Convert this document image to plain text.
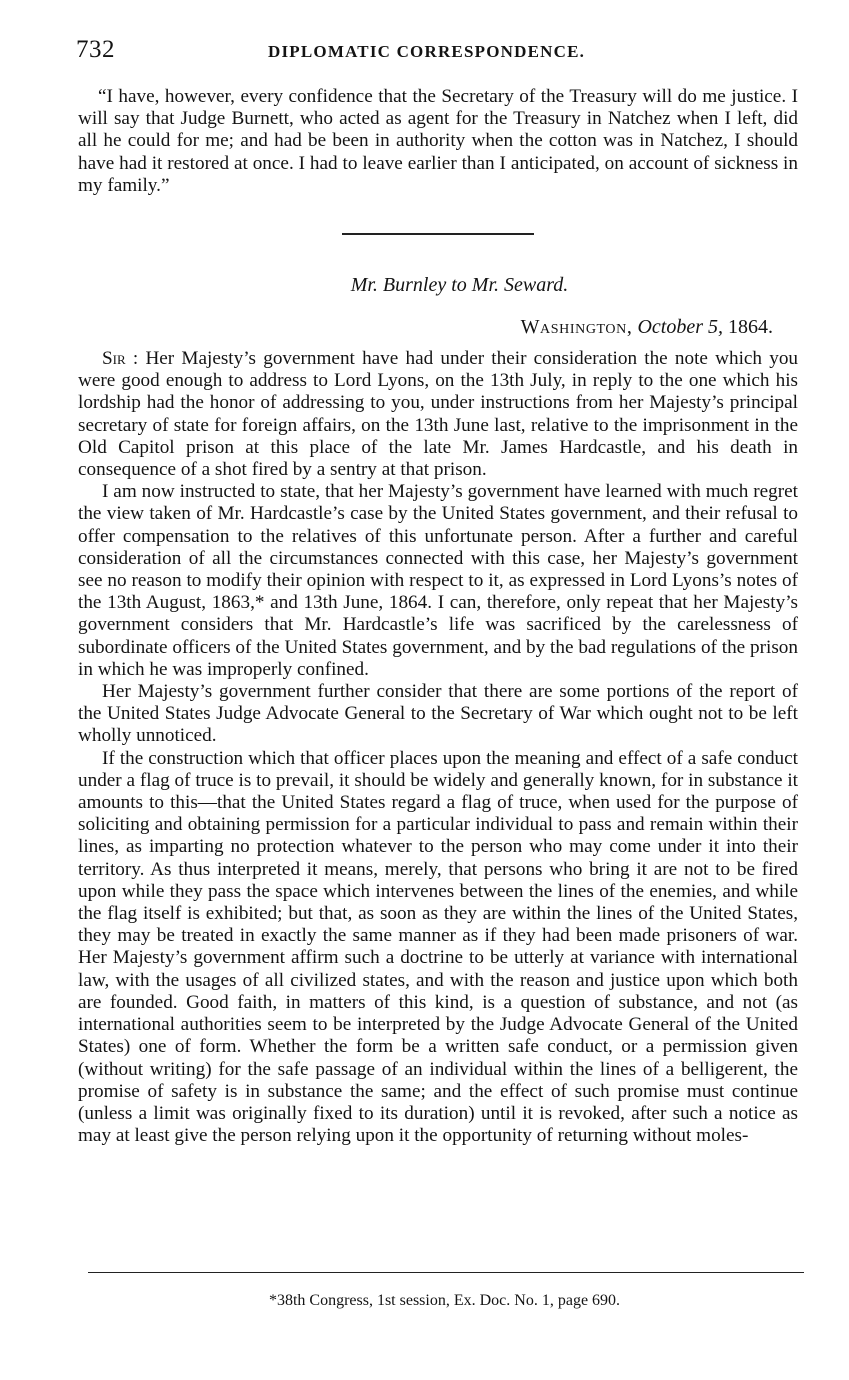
732	DIPLOMATIC CORRESPONDENCE.

“I have, however, every confidence that the Secretary of the Treasury will do me justice. I will say that Judge Burnett, who acted as agent for the Treasury in Natchez when I left, did all he could for me; and had be been in authority when the cotton was in Natchez, I should have had it restored at once. I had to leave earlier than I anticipated, on account of sickness in my family.”

Mr. Burnley to Mr. Seward.
Washington, October 5, 1864.

Sir : Her Majesty’s government have had under their consideration the note which you were good enough to address to Lord Lyons, on the 13th July, in reply to the one which his lordship had the honor of addressing to you, under instructions from her Majesty’s principal secretary of state for foreign affairs, on the 13th June last, relative to the imprisonment in the Old Capitol prison at this place of the late Mr. James Hardcastle, and his death in consequence of a shot fired by a sentry at that prison.

I am now instructed to state, that her Majesty’s government have learned with much regret the view taken of Mr. Hardcastle’s case by the United States government, and their refusal to offer compensation to the relatives of this unfortunate person. After a further and careful consideration of all the circumstances connected with this case, her Majesty’s government see no reason to modify their opinion with respect to it, as expressed in Lord Lyons’s notes of the 13th August, 1863,* and 13th June, 1864. I can, therefore, only repeat that her Majesty’s government considers that Mr. Hardcastle’s life was sacrificed by the carelessness of subordinate officers of the United States government, and by the bad regulations of the prison in which he was improperly confined.

Her Majesty’s government further consider that there are some portions of the report of the United States Judge Advocate General to the Secretary of War which ought not to be left wholly unnoticed.

If the construction which that officer places upon the meaning and effect of a safe conduct under a flag of truce is to prevail, it should be widely and generally known, for in substance it amounts to this—that the United States regard a flag of truce, when used for the purpose of soliciting and obtaining permission for a particular individual to pass and remain within their lines, as imparting no protection whatever to the person who may come under it into their territory. As thus interpreted it means, merely, that persons who bring it are not to be fired upon while they pass the space which intervenes between the lines of the enemies, and while the flag itself is exhibited; but that, as soon as they are within the lines of the United States, they may be treated in exactly the same manner as if they had been made prisoners of war. Her Majesty’s government affirm such a doctrine to be utterly at variance with international law, with the usages of all civilized states, and with the reason and justice upon which both are founded. Good faith, in matters of this kind, is a question of substance, and not (as international authorities seem to be interpreted by the Judge Advocate General of the United States) one of form. Whether the form be a written safe conduct, or a permission given (without writing) for the safe passage of an individual within the lines of a belligerent, the promise of safety is in substance the same; and the effect of such promise must continue (unless a limit was originally fixed to its duration) until it is revoked, after such a notice as may at least give the person relying upon it the opportunity of returning without moles-

*38th Congress, 1st session, Ex. Doc. No. 1, page 690.
